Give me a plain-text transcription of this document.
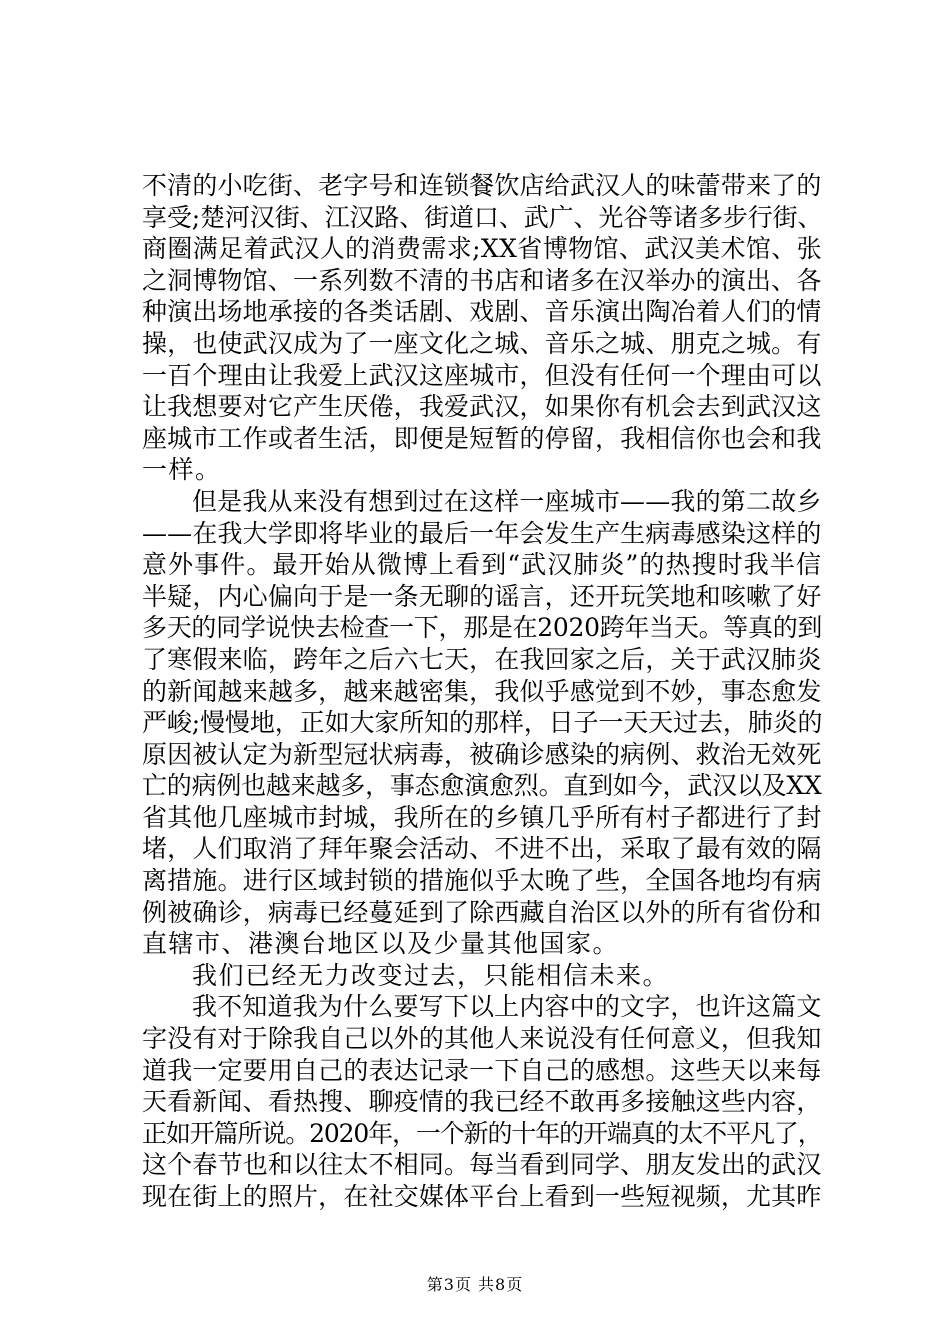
不清的小吃街、老字号和连锁餐饮店给武汉人的味蕾带来了的
享受;楚河汉街、江汉路、街道口、武广、光谷等诸多步行街、
商圈满足着武汉人的消费需求;XX省博物馆、武汉美术馆、张
之洞博物馆、一系列数不清的书店和诸多在汉举办的演出、各
种演出场地承接的各类话剧、戏剧、音乐演出陶冶着人们的情
操，也使武汉成为了一座文化之城、音乐之城、朋克之城。有
一百个理由让我爱上武汉这座城市，但没有任何一个理由可以
让我想要对它产生厌倦，我爱武汉，如果你有机会去到武汉这
座城市工作或者生活，即便是短暂的停留，我相信你也会和我
一样。
但是我从来没有想到过在这样一座城市——我的第二故乡
——在我大学即将毕业的最后一年会发生产生病毒感染这样的
意外事件。最开始从微博上看到“武汉肺炎”的热搜时我半信
半疑，内心偏向于是一条无聊的谣言，还开玩笑地和咳嗽了好
多天的同学说快去检查一下，那是在2020跨年当天。等真的到
了寒假来临，跨年之后六七天，在我回家之后，关于武汉肺炎
的新闻越来越多，越来越密集，我似乎感觉到不妙，事态愈发
严峻;慢慢地，正如大家所知的那样，日子一天天过去，肺炎的
原因被认定为新型冠状病毒，被确诊感染的病例、救治无效死
亡的病例也越来越多，事态愈演愈烈。直到如今，武汉以及XX
省其他几座城市封城，我所在的乡镇几乎所有村子都进行了封
堵，人们取消了拜年聚会活动、不进不出，采取了最有效的隔
离措施。进行区域封锁的措施似乎太晚了些，全国各地均有病
例被确诊，病毒已经蔓延到了除西藏自治区以外的所有省份和
直辖市、港澳台地区以及少量其他国家。
我们已经无力改变过去，只能相信未来。
我不知道我为什么要写下以上内容中的文字，也许这篇文
字没有对于除我自己以外的其他人来说没有任何意义，但我知
道我一定要用自己的表达记录一下自己的感想。这些天以来每
天看新闻、看热搜、聊疫情的我已经不敢再多接触这些内容，
正如开篇所说。2020年，一个新的十年的开端真的太不平凡了，
这个春节也和以往太不相同。每当看到同学、朋友发出的武汉
现在街上的照片，在社交媒体平台上看到一些短视频，尤其昨
第3页 共8页
